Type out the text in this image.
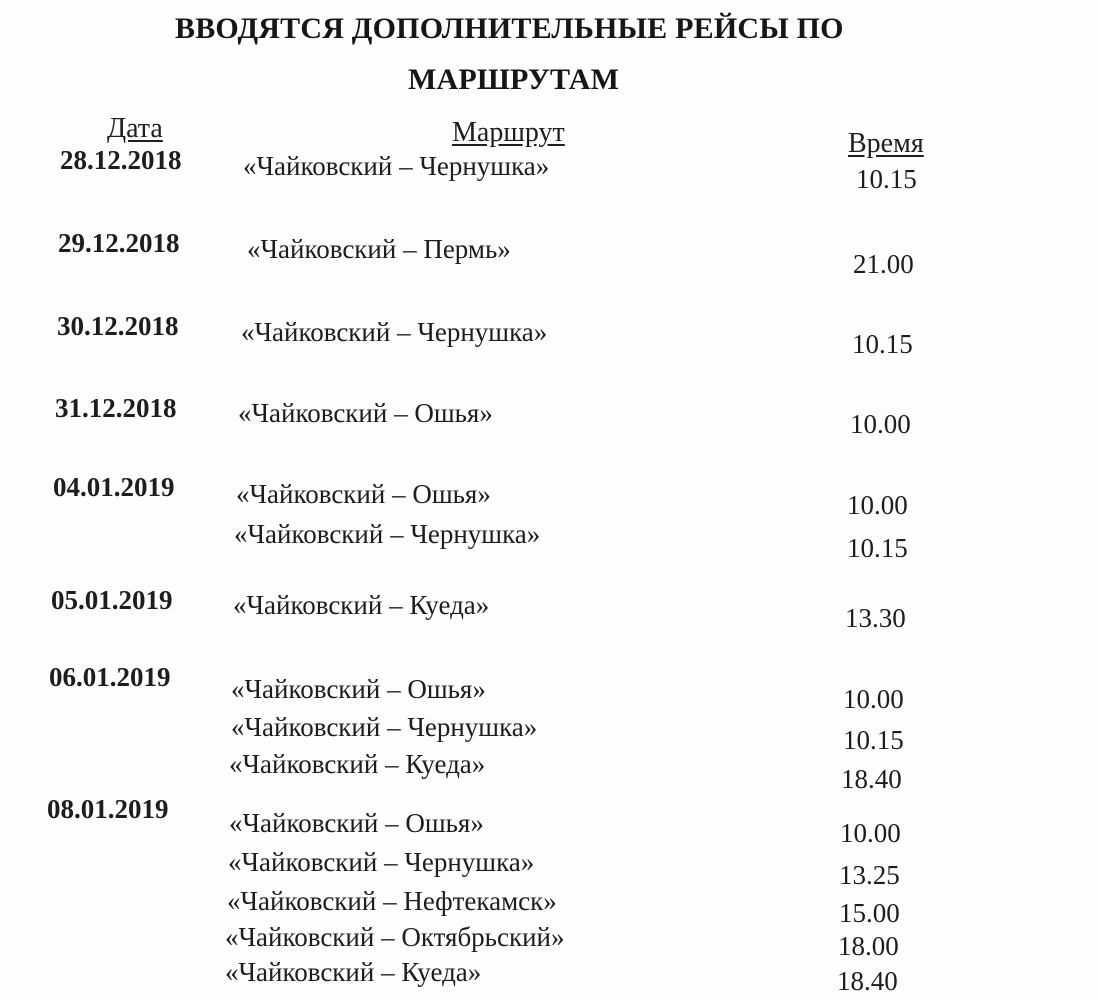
ВВОДЯТСЯ ДОПОЛНИТЕЛЬНЫЕ РЕЙСЫ ПО
МАРШРУТАМ
Дата	Маршрут	Время
28.12.2018
29.12.2018
30.12.2018
31.12.2018
04.01.2019
05.01.2019
06.01.2019
08.01.2019
«Чайковский – Чернушка»
«Чайковский – Пермь»
«Чайковский – Чернушка»
«Чайковский – Ошья»
«Чайковский – Ошья»
«Чайковский – Чернушка»
«Чайковский – Куеда»
«Чайковский – Ошья»
«Чайковский – Чернушка»
«Чайковский – Куеда»
«Чайковский – Ошья»
«Чайковский – Чернушка»
«Чайковский – Нефтекамск»
«Чайковский – Октябрьский»
«Чайковский – Куеда»
10.15
21.00
10.15
10.00
10.00
10.15
13.30
10.00
10.15
18.40
10.00
13.25
15.00
18.00
18.40
